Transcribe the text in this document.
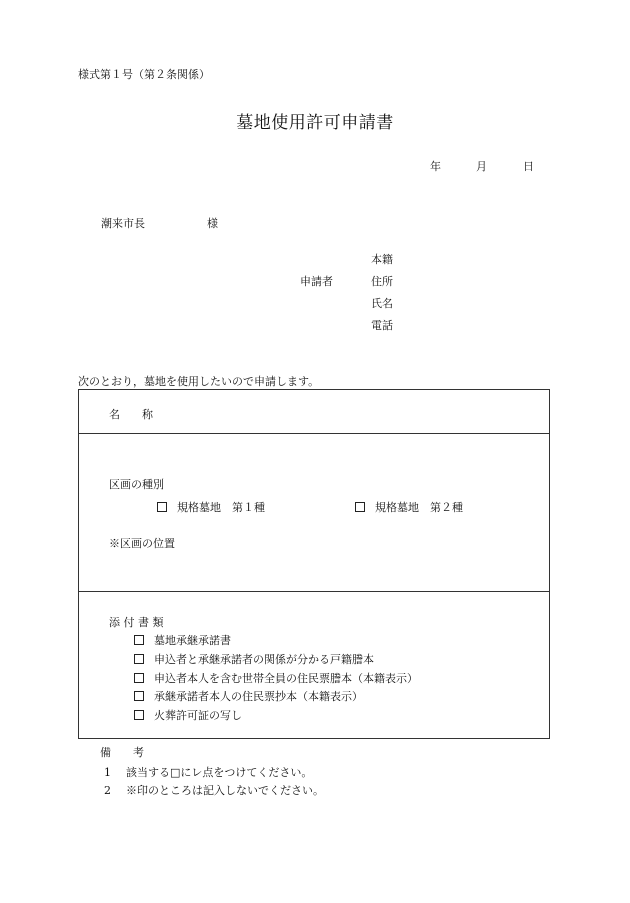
様式第１号（第２条関係）
墓地使用許可申請書
年	月	日
潮来市長	様
申請者
本籍
住所
氏名
電話
次のとおり，墓地を使用したいので申請します。
名　　称
区画の種別
規格墓地　第１種	規格墓地　第２種
※区画の位置
添 付 書 類
墓地承継承諾書
申込者と承継承諾者の関係が分かる戸籍謄本
申込者本人を含む世帯全員の住民票謄本（本籍表示）
承継承諾者本人の住民票抄本（本籍表示）
火葬許可証の写し
備　　考
1 該当する□にレ点をつけてください。
2 ※印のところは記入しないでください。
